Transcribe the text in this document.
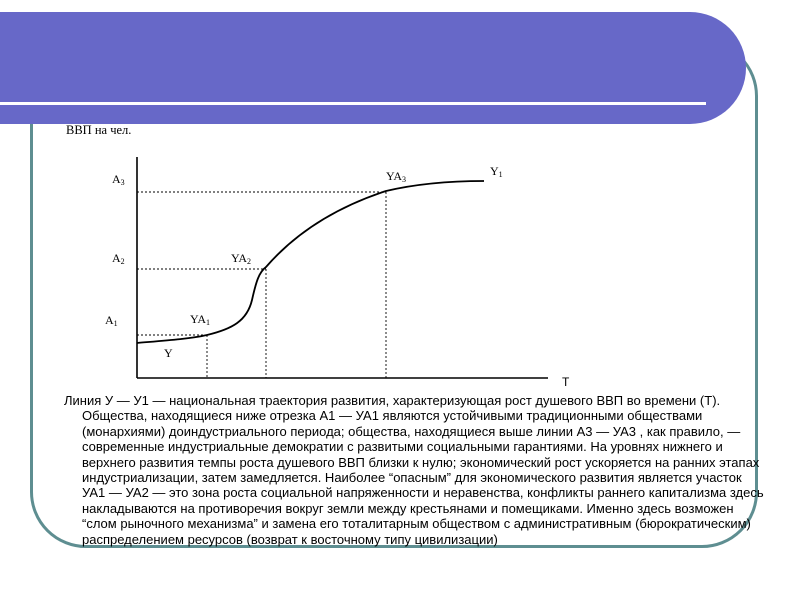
ВВП на чел.
T
Y
Y1
A1
A2
A3
YA1
YA2
YA3

Линия У — У1 — национальная траектория развития, характеризующая рост душевого ВВП во времени (Т). Общества, находящиеся ниже отрезка А1 — УА1 являются устойчивыми традиционными обществами (монархиями) доиндустриального периода; общества, находящиеся выше линии А3 — УА3 , как правило, — современные индустриальные демократии с развитыми социальными гарантиями. На уровнях нижнего и верхнего развития темпы роста душевого ВВП близки к нулю; экономический рост ускоряется на ранних этапах индустриализации, затем замедляется. Наиболее “опасным” для экономического развития является участок УА1 — УА2 — это зона роста социальной напряженности и неравенства, конфликты раннего капитализма здесь накладываются на противоречия вокруг земли между крестьянами и помещиками. Именно здесь возможен “слом рыночного механизма” и замена его тоталитарным обществом с административным (бюрократическим) распределением ресурсов (возврат к восточному типу цивилизации)
